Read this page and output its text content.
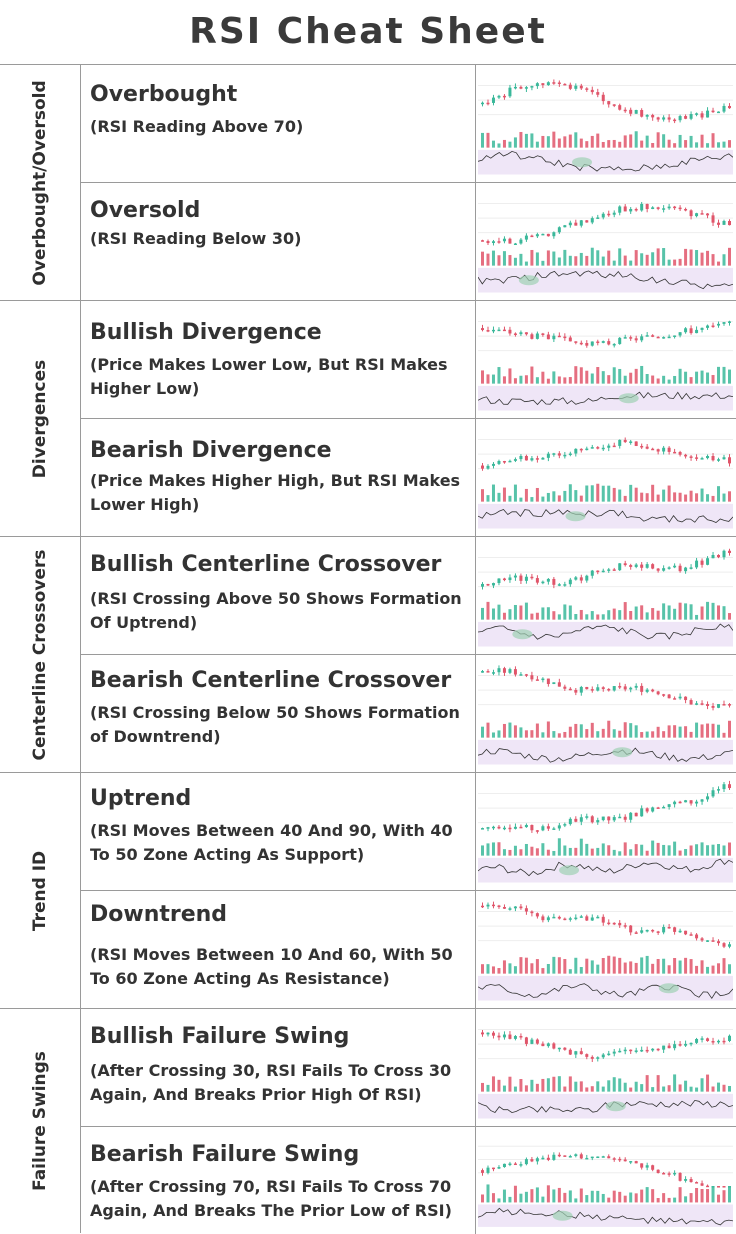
RSI Cheat Sheet
Overbought/Oversold Overbought
(RSI Reading Above 70)
Oversold
(RSI Reading Below 30)
Divergences
Bullish Divergence
(Price Makes Lower Low, But RSI Makes Higher Low)
Bearish Divergence
(Price Makes Higher High, But RSI Makes Lower High)
Centerline Crossovers Bullish Centerline Crossover
(RSI Crossing Above 50 Shows Formation Of Uptrend)
Bearish Centerline Crossover
(RSI Crossing Below 50 Shows Formation of Downtrend)
Trend ID
Uptrend
(RSI Moves Between 40 And 90, With 40 To 50 Zone Acting As Support)
Downtrend
(RSI Moves Between 10 And 60, With 50 To 60 Zone Acting As Resistance)
Failure Swings
Bullish Failure Swing
(After Crossing 30, RSI Fails To Cross 30 Again, And Breaks Prior High Of RSI)
Bearish Failure Swing
(After Crossing 70, RSI Fails To Cross 70 Again, And Breaks The Prior Low of RSI)
